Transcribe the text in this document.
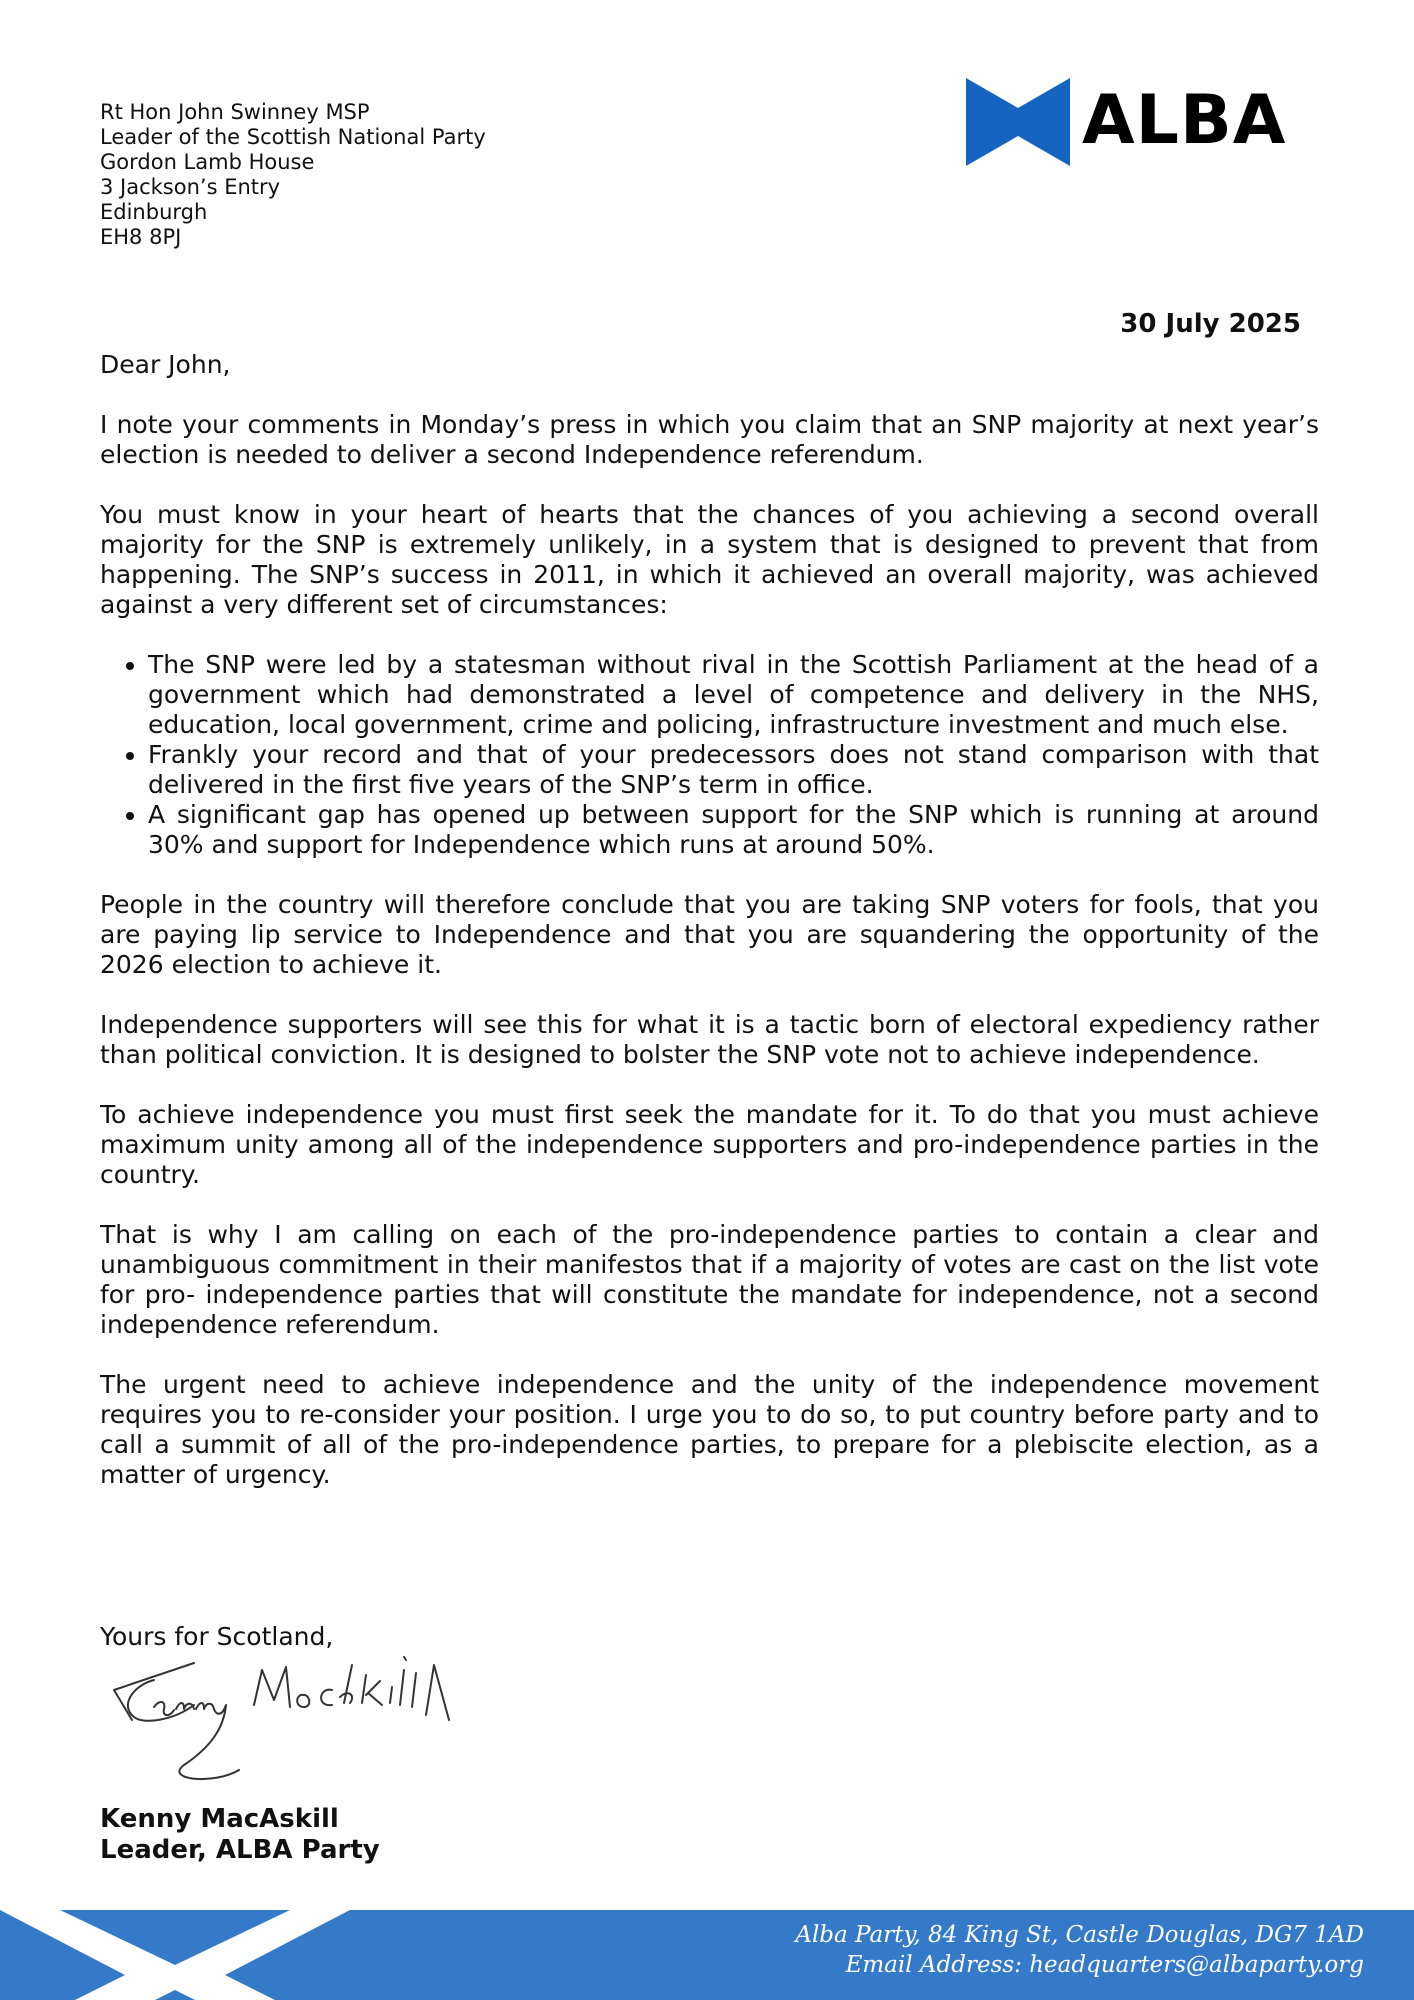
Rt Hon John Swinney MSP
Leader of the Scottish National Party
Gordon Lamb House
3 Jackson’s Entry
Edinburgh
EH8 8PJ
ALBA
30 July 2025

Dear John,

I note your comments in Monday’s press in which you claim that an SNP majority at next year’s election is needed to deliver a second Independence referendum.

You must know in your heart of hearts that the chances of you achieving a second overall majority for the SNP is extremely unlikely, in a system that is designed to prevent that from happening. The SNP’s success in 2011, in which it achieved an overall majority, was achieved against a very different set of circumstances:

• The SNP were led by a statesman without rival in the Scottish Parliament at the head of a government which had demonstrated a level of competence and delivery in the NHS, education, local government, crime and policing, infrastructure investment and much else.
• Frankly your record and that of your predecessors does not stand comparison with that delivered in the first five years of the SNP’s term in office.
• A significant gap has opened up between support for the SNP which is running at around 30% and support for Independence which runs at around 50%.

People in the country will therefore conclude that you are taking SNP voters for fools, that you are paying lip service to Independence and that you are squandering the opportunity of the 2026 election to achieve it.

Independence supporters will see this for what it is a tactic born of electoral expediency rather than political conviction. It is designed to bolster the SNP vote not to achieve independence.

To achieve independence you must first seek the mandate for it. To do that you must achieve maximum unity among all of the independence supporters and pro-independence parties in the country.

That is why I am calling on each of the pro-independence parties to contain a clear and unambiguous commitment in their manifestos that if a majority of votes are cast on the list vote for pro- independence parties that will constitute the mandate for independence, not a second independence referendum.

The urgent need to achieve independence and the unity of the independence movement requires you to re-consider your position. I urge you to do so, to put country before party and to call a summit of all of the pro-independence parties, to prepare for a plebiscite election, as a matter of urgency.

Yours for Scotland,
Kenny MacAskill
Leader, ALBA Party
Alba Party, 84 King St, Castle Douglas, DG7 1AD
Email Address: headquarters@albaparty.org
